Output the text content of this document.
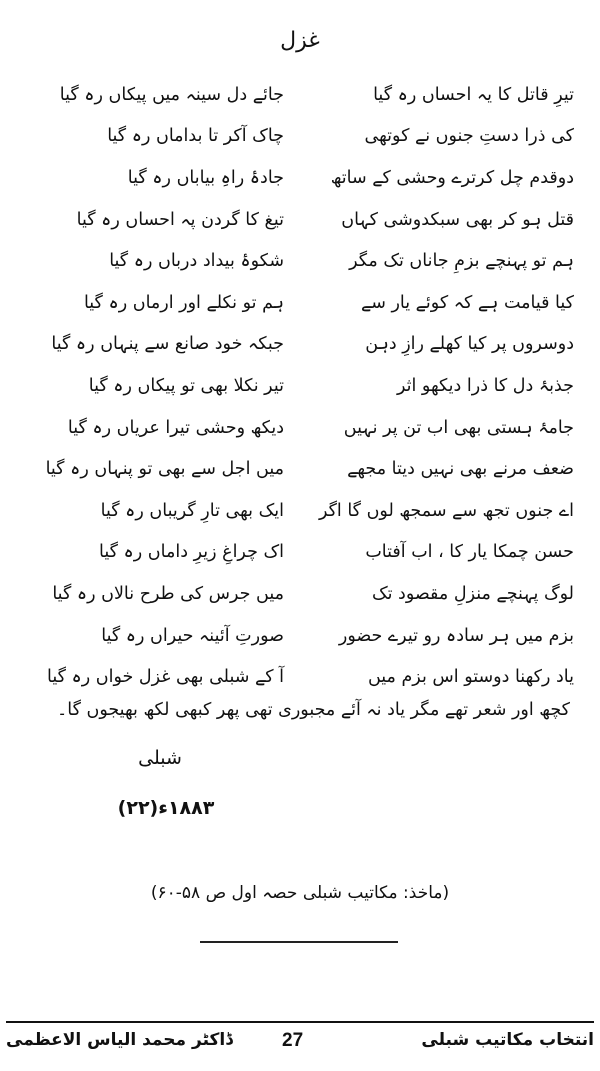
غزل
تیرِ قاتل کا یہ احساں رہ گیا
جائے دل سینہ میں پیکاں رہ گیا
کی ذرا دستِ جنوں نے کوتھی
چاک آکر تا بداماں رہ گیا
دوقدم چل کرترے وحشی کے ساتھ
جادۂ راہِ بیاباں رہ گیا
قتل ہو کر بھی سبکدوشی کہاں
تیغ کا گردن پہ احساں رہ گیا
ہم تو پہنچے بزمِ جاناں تک مگر
شکوۂ بیداد درباں رہ گیا
کیا قیامت ہے کہ کوئے یار سے
ہم تو نکلے اور ارماں رہ گیا
دوسروں پر کیا کھلے رازِ دہن
جبکہ خود صانع سے پنہاں رہ گیا
جذبۂ دل کا ذرا دیکھو اثر
تیر نکلا بھی تو پیکاں رہ گیا
جامۂ ہستی بھی اب تن پر نہیں
دیکھ وحشی تیرا عریاں رہ گیا
ضعف مرنے بھی نہیں دیتا مجھے
میں اجل سے بھی تو پنہاں رہ گیا
اے جنوں تجھ سے سمجھ لوں گا اگر
ایک بھی تارِ گریباں رہ گیا
حسن چمکا یار کا ، اب آفتاب
اک چراغِ زیرِ داماں رہ گیا
لوگ پہنچے منزلِ مقصود تک
میں جرس کی طرح نالاں رہ گیا
بزم میں ہر سادہ رو تیرے حضور
صورتِ آئینہ حیراں رہ گیا
یاد رکھنا دوستو اس بزم میں
آ کے شبلی بھی غزل خواں رہ گیا
کچھ اور شعر تھے مگر یاد نہ آئے مجبوری تھی پھر کبھی لکھ بھیجوں گا۔
شبلی
۱۸۸۳ء(۲۲)
(ماخذ: مکاتیب شبلی حصہ اول ص ۵۸-۶۰)
انتخاب مکاتیب شبلی
27
ڈاکٹر محمد الیاس الاعظمی
